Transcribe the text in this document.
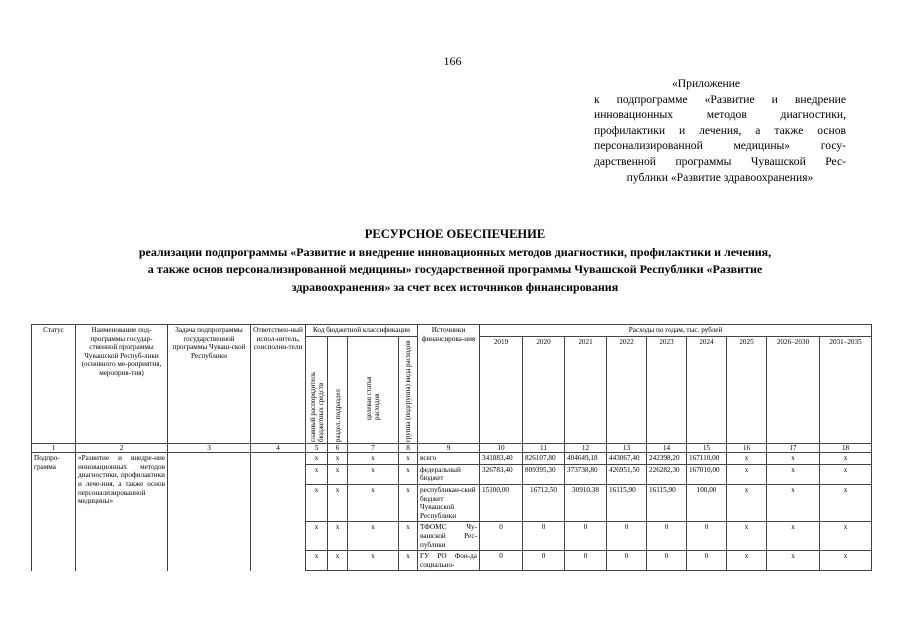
166
«Приложение
к подпрограмме «Развитие и внедрение
инновационных методов диагностики,
профилактики и лечения, а также основ
персонализированной медицины» госу-
дарственной программы Чувашской Рес-
публики «Развитие здравоохранения»
РЕСУРСНОЕ ОБЕСПЕЧЕНИЕ
реализации подпрограммы «Развитие и внедрение инновационных методов диагностики, профилактики и лечения,
а также основ персонализированной медицины» государственной программы Чувашской Республики «Развитие
здравоохранения» за счет всех источников финансирования
Статус	Наименование под-программы государ-ственной программы Чувашской Респуб-лики (основного ме-роприятия, мероприя-тия)	Задача подпрограммы государственной программы Чуваш-ской Республики	Ответствен-ный испол-нитель, соисполни-тели	Код бюджетной классификации				Источники финансирова-ния	Расходы по годам, тыс. рублей								

				главный распорядитель бюджетных средств	раздел, подраздел	целевая статья расходов	группа (подгруппа) вида расходов		2019	2020	2021	2022	2023	2024	2025	2026–2030	2031–2035
1	2	3	4	5	6	7	8	9	10	11	12	13	14	15	16	17	18
Подпро-грамма	«Развитие и внедре-ние инновационных методов диагностики, профилактики и лече-ния, а также основ персонализированной медицины»			x	x	x	x	всего	341883,40	826107,80	404649,18	443067,40	242398,20	167110,00	x	x	x
				x	x	x	x	федеральный бюджет	326783,40	809395,30	373738,80	426951,50	226282,30	167010,00	x	x	x
				x	x	x	x	республикан-ский бюджет Чувашской Республики	15100,00	16712,50	30910,38	16115,90	16115,90	100,00	x	x	x
				x	x	x	x	ТФОМС Чу-вашской Рес-публики	0	0	0	0	0	0	x	x	x
				x	x	x	x	ГУ РО Фон-да социально-	0	0	0	0	0	0	x	x	x
